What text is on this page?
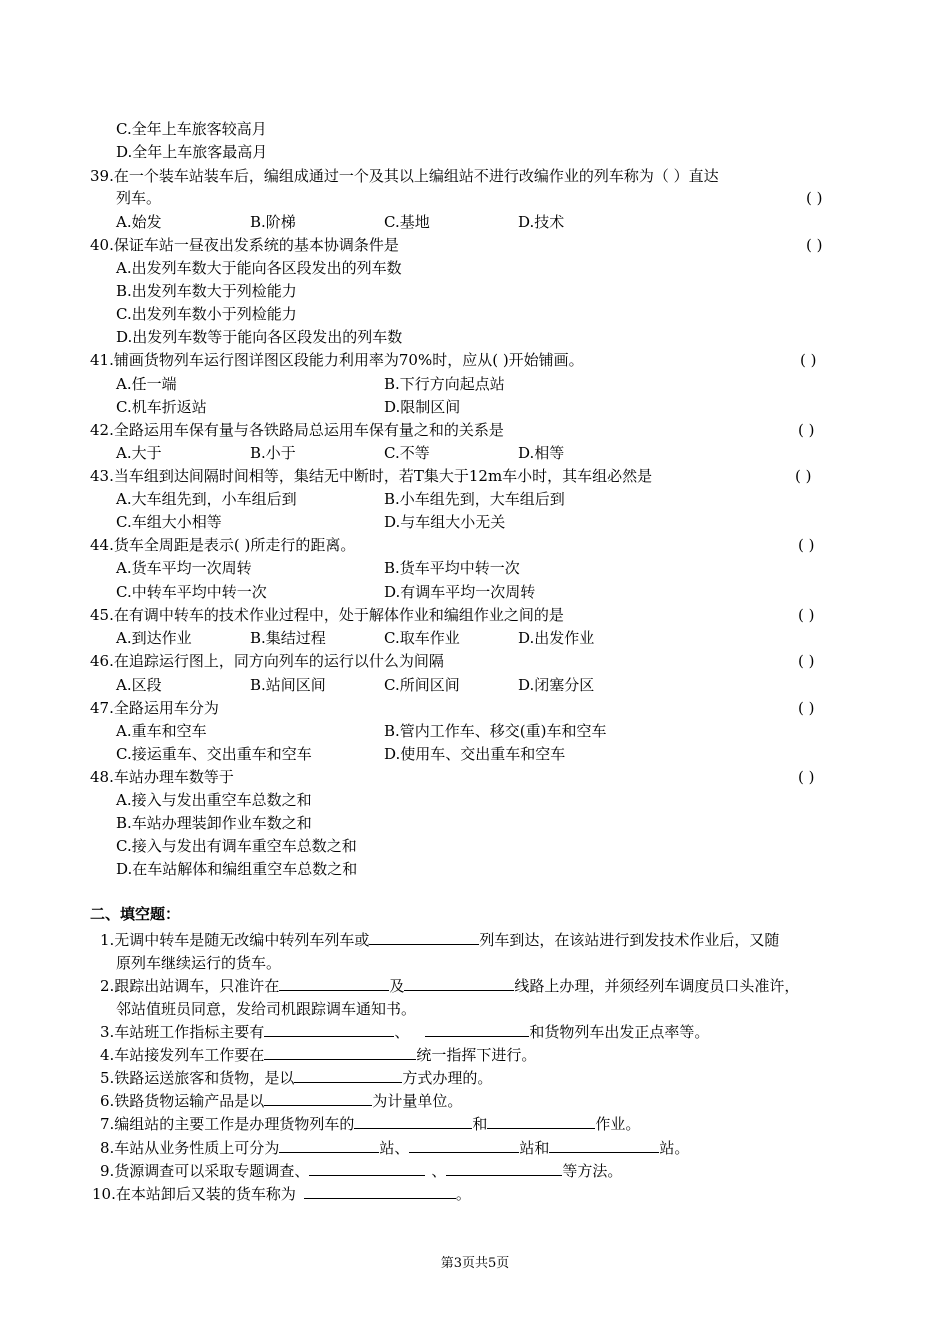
C.全年上车旅客较高月
D.全年上车旅客最高月
39.在一个装车站装车后，编组成通过一个及其以上编组站不进行改编作业的列车称为（ ）直达
列车。	( )
A.始发	B.阶梯	C.基地	D.技术
40.保证车站一昼夜出发系统的基本协调条件是	( )
A.出发列车数大于能向各区段发出的列车数
B.出发列车数大于列检能力
C.出发列车数小于列检能力
D.出发列车数等于能向各区段发出的列车数
41.铺画货物列车运行图详图区段能力利用率为70%时，应从( )开始铺画。	( )
A.任一端	B.下行方向起点站
C.机车折返站	D.限制区间
42.全路运用车保有量与各铁路局总运用车保有量之和的关系是	( )
A.大于	B.小于	C.不等	D.相等
43.当车组到达间隔时间相等，集结无中断时，若T集大于12m车小时，其车组必然是	( )
A.大车组先到，小车组后到	B.小车组先到，大车组后到
C.车组大小相等	D.与车组大小无关
44.货车全周距是表示( )所走行的距离。	( )
A.货车平均一次周转	B.货车平均中转一次
C.中转车平均中转一次	D.有调车平均一次周转
45.在有调中转车的技术作业过程中，处于解体作业和编组作业之间的是	( )
A.到达作业	B.集结过程	C.取车作业	D.出发作业
46.在追踪运行图上，同方向列车的运行以什么为间隔	( )
A.区段	B.站间区间	C.所间区间	D.闭塞分区
47.全路运用车分为	( )
A.重车和空车	B.管内工作车、移交(重)车和空车
C.接运重车、交出重车和空车	D.使用车、交出重车和空车
48.车站办理车数等于	( )
A.接入与发出重空车总数之和
B.车站办理装卸作业车数之和
C.接入与发出有调车重空车总数之和
D.在车站解体和编组重空车总数之和
二、填空题：
1.无调中转车是随无改编中转列车列车或	列车到达，在该站进行到发技术作业后，又随
原列车继续运行的货车。
2.跟踪出站调车，只准许在	及	线路上办理，并须经列车调度员口头准许，
邻站值班员同意，发给司机跟踪调车通知书。
3.车站班工作指标主要有	、	和货物列车出发正点率等。
4.车站接发列车工作要在	统一指挥下进行。
5.铁路运送旅客和货物，是以	方式办理的。
6.铁路货物运输产品是以	为计量单位。
7.编组站的主要工作是办理货物列车的	和	作业。
8.车站从业务性质上可分为	站、	站和	站。
9.货源调查可以采取专题调查、	、	等方法。
10.在本站卸后又装的货车称为	。
第3页共5页
